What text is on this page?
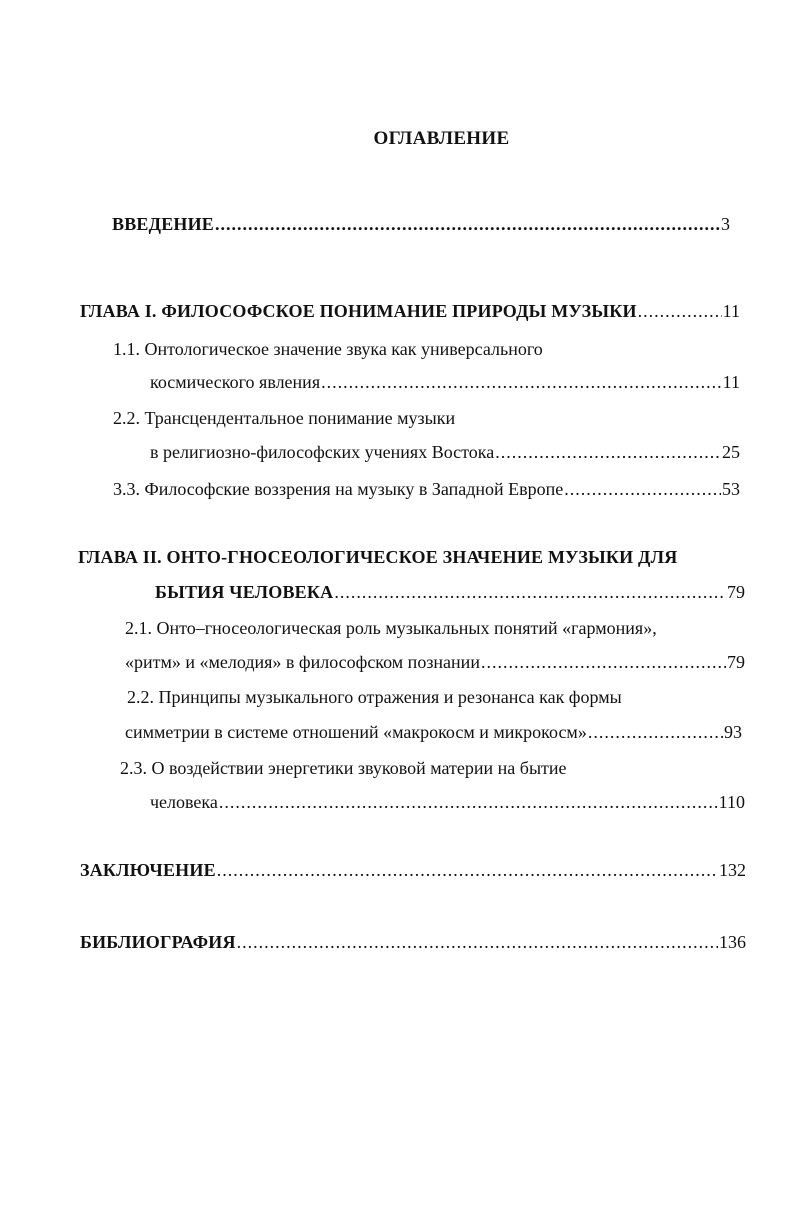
ОГЛАВЛЕНИЕ
ВВЕДЕНИЕ .....	3
ГЛАВА I. ФИЛОСОФСКОЕ ПОНИМАНИЕ ПРИРОДЫ МУЗЫКИ .....	11
1.1. Онтологическое значение звука как универсального
космического явления .....	11
2.2. Трансцендентальное понимание музыки
в религиозно-философских учениях Востока .....	25
3.3. Философские воззрения на музыку в Западной Европе .....	53
ГЛАВА II. ОНТО-ГНОСЕОЛОГИЧЕСКОЕ ЗНАЧЕНИЕ МУЗЫКИ ДЛЯ
БЫТИЯ ЧЕЛОВЕКА .....	79
2.1. Онто–гносеологическая роль музыкальных понятий «гармония»,
«ритм» и «мелодия» в философском познании .....	79
2.2. Принципы музыкального отражения и резонанса как формы
симметрии в системе отношений «макрокосм и микрокосм» .....	93
2.3. О воздействии энергетики звуковой материи на бытие
человека .....	110
ЗАКЛЮЧЕНИЕ .....	132
БИБЛИОГРАФИЯ .....	136
